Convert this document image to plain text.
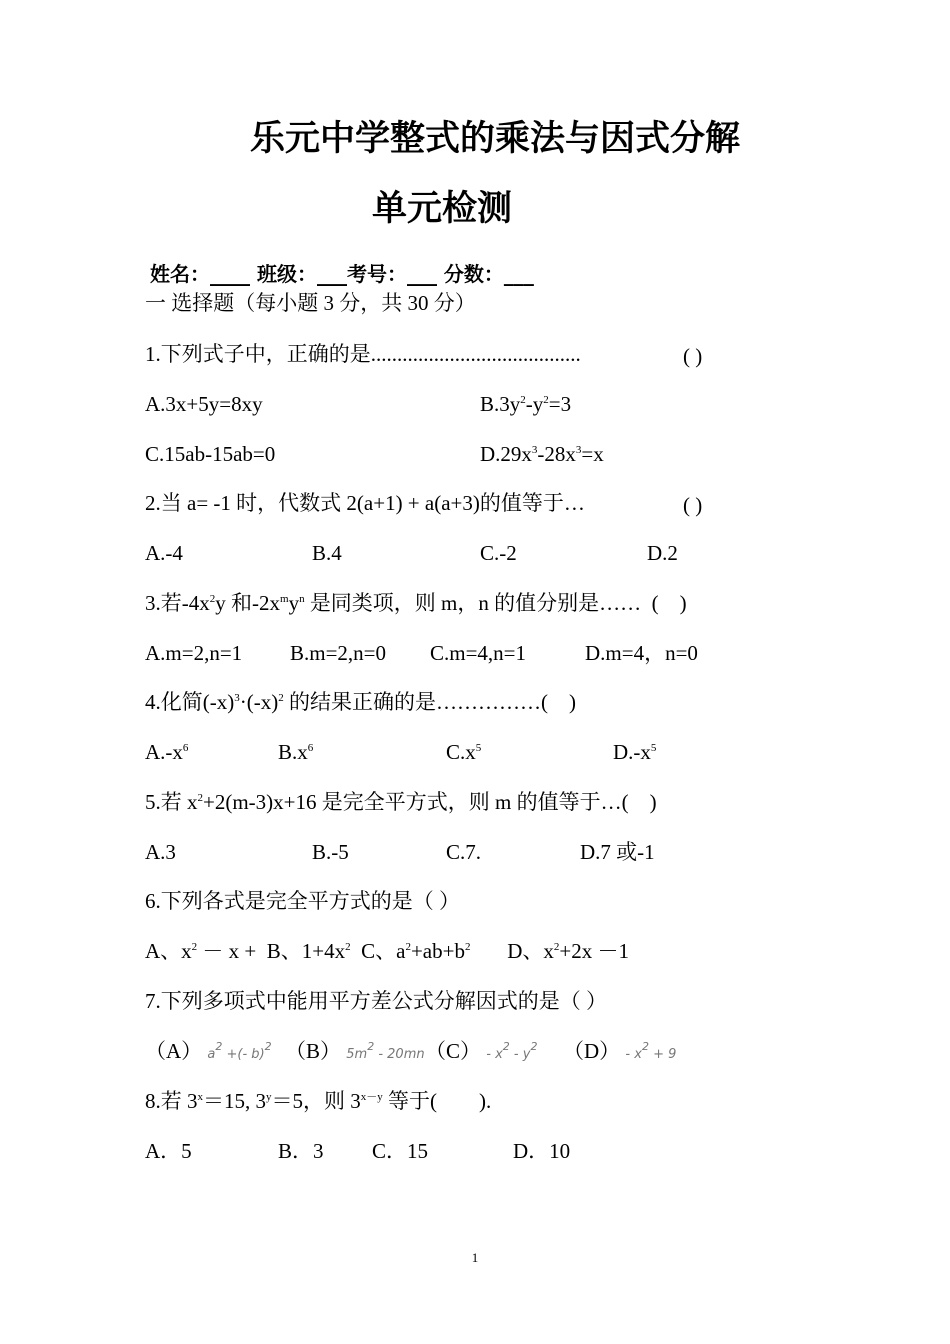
乐元中学整式的乘法与因式分解
单元检测
姓名：____ 班级：___考号：___ 分数：___
一 选择题（每小题 3 分，共 30 分）
1.下列式子中，正确的是........................................	( )
A.3x+5y=8xy	$B.3y^2-y^2=3$
C.15ab-15ab=0	$D.29x^3-28x^3=x$
2.当 a= -1 时，代数式 2(a+1) + a(a+3)的值等于…	( )
A.-4	B.4	C.-2	D.2
3.若$-4x^2y$ 和$-2x^my^n$ 是同类项，则 m，n 的值分别是……  (    )
A.m=2,n=1 B.m=2,n=0 C.m=4,n=1	D.m=4，n=0
4.化简$(-x)^3\cdot(-x)^2$ 的结果正确的是……………(    )
$A.-x^6$	$B.x^6$	$C.x^5$	$D.-x^5$
5.若 $x^2+2(m-3)x+16$ 是完全平方式，则 m 的值等于…(    )
A.3	B.-5	C.7.	D.7 或-1
6.下列各式是完全平方式的是（ ）
A、$x^2 - x + B$、$1+4x^2$  C、$a^2+ab+b^2$       D、$x^2+2x -1$
7.下列多项式中能用平方差公式分解因式的是（ ）
（A） $a^2$ +(- b)$^2$ （B） $5m^2 - 20mn$ $(C) - x^2 - y^2$ $(D) - x^2 + 9$
8.若 $3^x=15$, $3^y=5$，则 $3^{x-y}$ 等于(        ).
A．5	B．3 C．15	D．10
1
